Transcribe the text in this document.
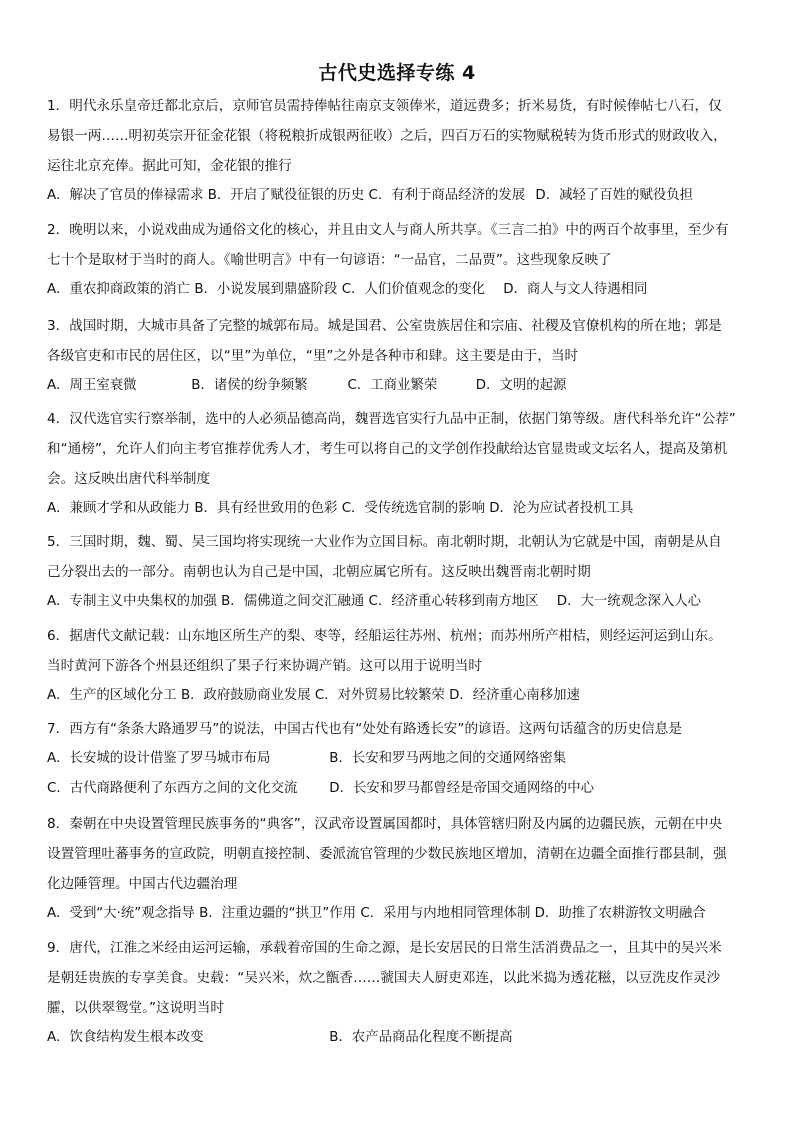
古代史选择专练 4
1．明代永乐皇帝迁都北京后，京师官员需持俸帖往南京支领俸米，道远费多；折米易货，有时候俸帖七八石，仅
易银一两……明初英宗开征金花银（将税粮折成银两征收）之后，四百万石的实物赋税转为货币形式的财政收入，
运往北京充俸。据此可知，金花银的推行
A．解决了官员的俸禄需求 B．开启了赋役征银的历史 C．有利于商品经济的发展 D．减轻了百姓的赋役负担
2．晚明以来，小说戏曲成为通俗文化的核心，并且由文人与商人所共享。《三言二拍》中的两百个故事里，至少有
七十个是取材于当时的商人。《喻世明言》中有一句谚语：“一品官，二品贾”。这些现象反映了
A．重农抑商政策的消亡 B．小说发展到鼎盛阶段 C．人们价值观念的变化 D．商人与文人待遇相同
3．战国时期，大城市具备了完整的城郭布局。城是国君、公室贵族居住和宗庙、社稷及官僚机构的所在地；郭是
各级官吏和市民的居住区，以“里”为单位，“里”之外是各种市和肆。这主要是由于，当时
A．周王室衰微	B．诸侯的纷争频繁	C．工商业繁荣	D．文明的起源
4．汉代选官实行察举制，选中的人必须品德高尚，魏晋选官实行九品中正制，依据门第等级。唐代科举允许“公荐”
和“通榜”，允许人们向主考官推荐优秀人才，考生可以将自己的文学创作投献给达官显贵或文坛名人，提高及第机
会。这反映出唐代科举制度
A．兼顾才学和从政能力 B．具有经世致用的色彩 C．受传统选官制的影响 D．沦为应试者投机工具
5．三国时期，魏、蜀、吴三国均将实现统一大业作为立国目标。南北朝时期，北朝认为它就是中国，南朝是从自
己分裂出去的一部分。南朝也认为自己是中国，北朝应属它所有。这反映出魏晋南北朝时期
A．专制主义中央集权的加强 B．儒佛道之间交汇融通 C．经济重心转移到南方地区 D．大一统观念深入人心
6．据唐代文献记载：山东地区所生产的梨、枣等，经船运往苏州、杭州；而苏州所产柑桔，则经运河运到山东。
当时黄河下游各个州县还组织了果子行来协调产销。这可以用于说明当时
A．生产的区域化分工 B．政府鼓励商业发展 C．对外贸易比较繁荣 D．经济重心南移加速
7．西方有“条条大路通罗马”的说法，中国古代也有“处处有路透长安”的谚语。这两句话蕴含的历史信息是
A．长安城的设计借鉴了罗马城市布局	B．长安和罗马两地之间的交通网络密集
C．古代商路便利了东西方之间的文化交流 D．长安和罗马都曾经是帝国交通网络的中心
8．秦朝在中央设置管理民族事务的“典客”，汉武帝设置属国都时，具体管辖归附及内属的边疆民族，元朝在中央
设置管理吐蕃事务的宣政院，明朝直接控制、委派流官管理的少数民族地区增加，清朝在边疆全面推行郡县制，强
化边陲管理。中国古代边疆治理
A．受到“大·统”观念指导 B．注重边疆的“拱卫”作用 C．采用与内地相同管理体制 D．助推了农耕游牧文明融合
9．唐代，江淮之米经由运河运输，承载着帝国的生命之源，是长安居民的日常生活消费品之一，且其中的吴兴米
是朝廷贵族的专享美食。史载：“吴兴米，炊之甑香……虢国夫人厨吏邓连，以此米捣为透花糍，以豆洗皮作灵沙
臛，以供翠鸳堂。”这说明当时
A．饮食结构发生根本改变	B．农产品商品化程度不断提高
